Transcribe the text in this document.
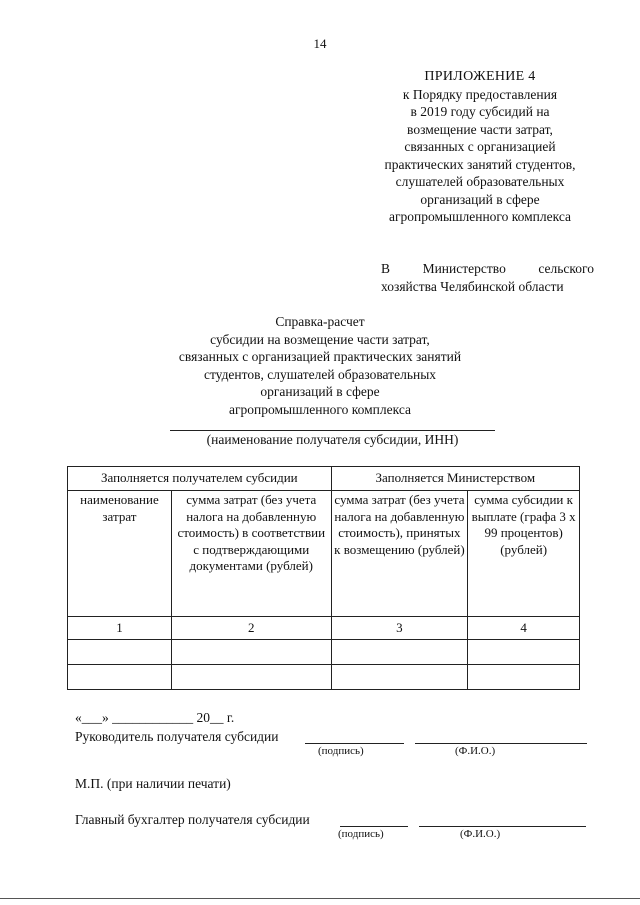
14
ПРИЛОЖЕНИЕ 4
к Порядку предоставления
в 2019 году субсидий на
возмещение части затрат,
связанных с организацией
практических занятий студентов,
слушателей образовательных
организаций в сфере
агропромышленного комплекса
В Министерство сельского
хозяйства Челябинской области
Справка-расчет
субсидии на возмещение части затрат,
связанных с организацией практических занятий
студентов, слушателей образовательных
организаций в сфере
агропромышленного комплекса
(наименование получателя субсидии, ИНН)
Заполняется получателем субсидии		Заполняется Министерством	
наименование затрат	сумма затрат (без учета налога на добавленную стоимость) в соответствии с подтверждающими документами (рублей)	сумма затрат (без учета налога на добавленную стоимость), принятых к возмещению (рублей)	сумма субсидии к выплате (графа 3 х 99 процентов) (рублей)
1	2	3	4

«___» ____________ 20__ г.
Руководитель получателя субсидии
(подпись)	(Ф.И.О.)
М.П. (при наличии печати)
Главный бухгалтер получателя субсидии
(подпись)	(Ф.И.О.)
